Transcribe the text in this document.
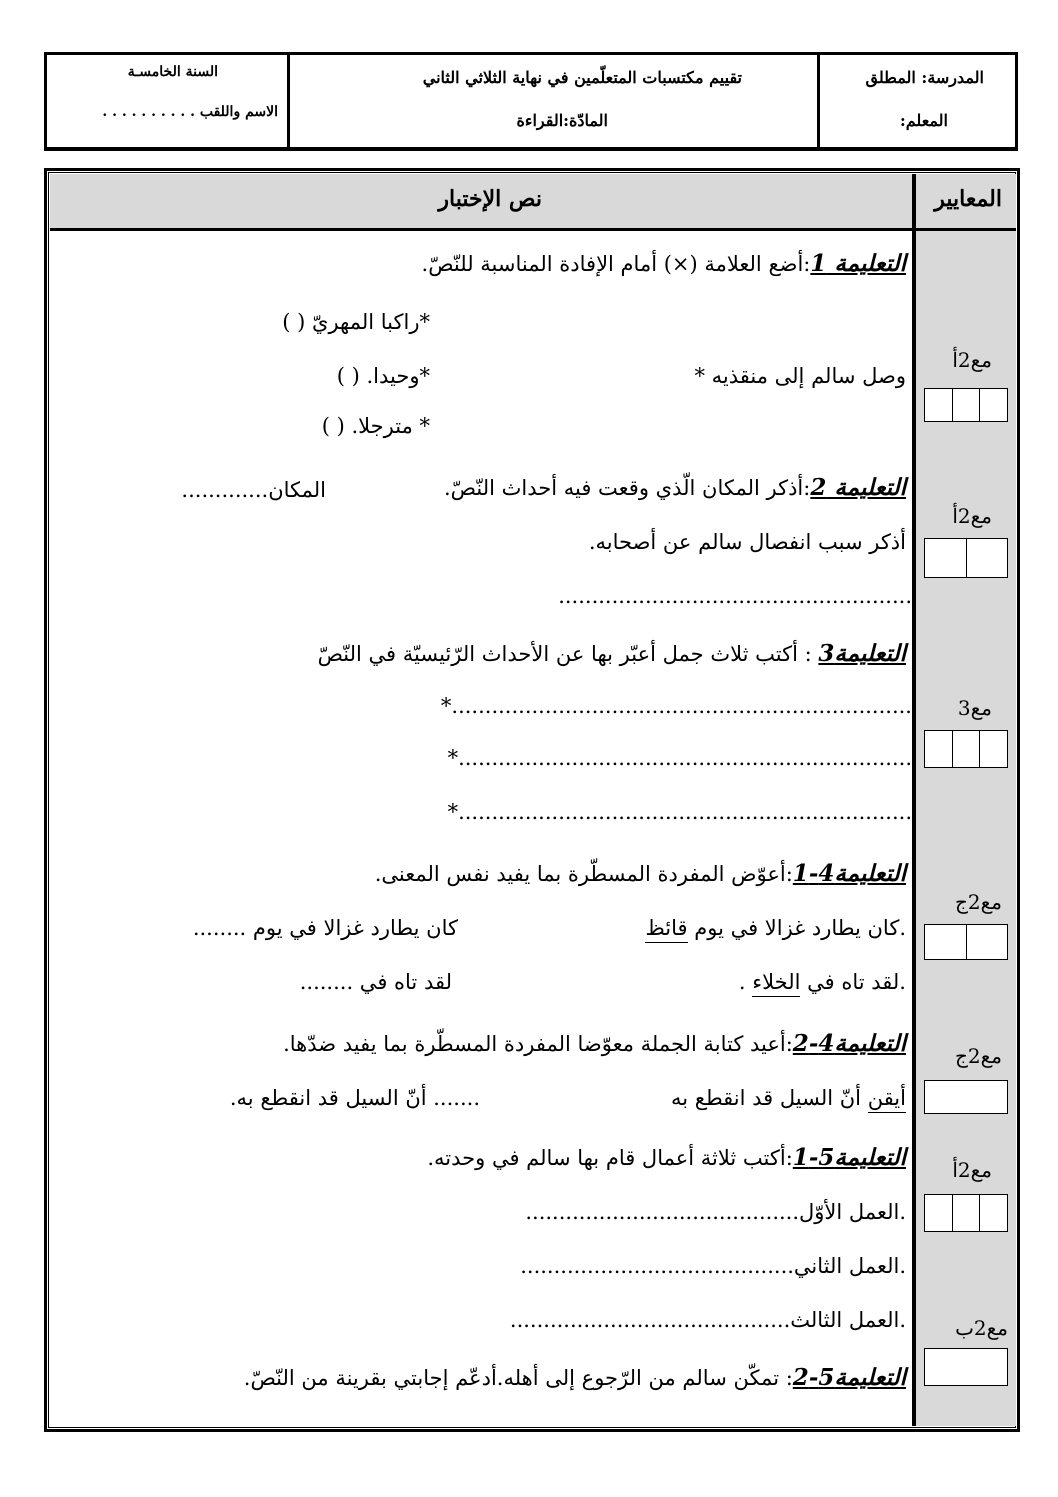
المدرسة: المطلق
المعلم:
تقييم مكتسبات المتعلّمين في نهاية الثلاثي الثاني
المادّة:القراءة
السنة الخامسـة
الاسم واللقب . . . . . . . . . .
نص الإختبار	المعايير
التعليمة 1:أضع العلامة (×) أمام الإفادة المناسبة للنّصّ.
*راكبا المهريّ ( )
وصل سالم إلى منقذيه *
*وحيدا. ( )
* مترجلا. ( )
التعليمة 2:أذكر المكان الّذي وقعت فيه أحداث النّصّ.
المكان.............
أذكر سبب انفصال سالم عن أصحابه.
.....................................................
التعليمة3 : أكتب ثلاث جمل أعبّر بها عن الأحداث الرّئيسيّة في النّصّ
*.....................................................................
*....................................................................
*....................................................................
التعليمة4-1:أعوّض المفردة المسطّرة بما يفيد نفس المعنى.
.كان يطارد غزالا في يوم قائظ
كان يطارد غزالا في يوم ........
.لقد تاه في الخلاء .
لقد تاه في ........
التعليمة4-2:أعيد كتابة الجملة معوّضا المفردة المسطّرة بما يفيد ضدّها.
أيقن أنّ السيل قد انقطع به
....... أنّ السيل قد انقطع به.
التعليمة5-1:أكتب ثلاثة أعمال قام بها سالم في وحدته.
.العمل الأوّل.........................................
.العمل الثاني.........................................
.العمل الثالث..........................................
التعليمة5-2: تمكّن سالم من الرّجوع إلى أهله.أدعّم إجابتي بقرينة من النّصّ.
مع2أ
مع2أ
مع3
مع2ج
مع2ج
مع2أ
مع2ب
